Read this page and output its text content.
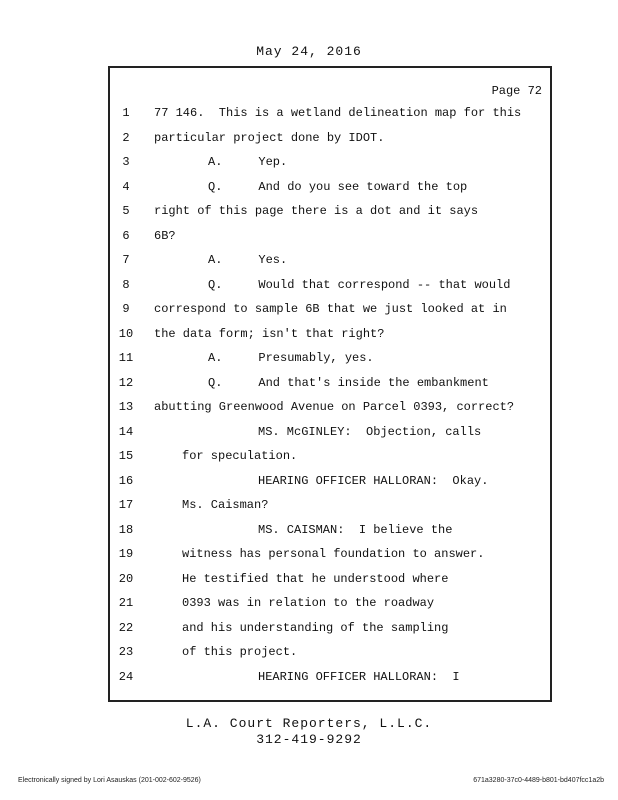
May 24, 2016
Page 72
1	77 146.  This is a wetland delineation map for this
2	particular project done by IDOT.
3	A.     Yep.
4	Q.     And do you see toward the top
5	right of this page there is a dot and it says
6	6B?
7	A.     Yes.
8	Q.     Would that correspond -- that would
9	correspond to sample 6B that we just looked at in
10	the data form; isn't that right?
11	A.     Presumably, yes.
12	Q.     And that's inside the embankment
13	abutting Greenwood Avenue on Parcel 0393, correct?
14	MS. McGINLEY:  Objection, calls
15	for speculation.
16	HEARING OFFICER HALLORAN:  Okay.
17	Ms. Caisman?
18	MS. CAISMAN:  I believe the
19	witness has personal foundation to answer.
20	He testified that he understood where
21	0393 was in relation to the roadway
22	and his understanding of the sampling
23	of this project.
24	HEARING OFFICER HALLORAN:  I
L.A. Court Reporters, L.L.C.
312-419-9292
Electronically signed by Lori Asauskas (201-002-602-9526)	671a3280-37c0-4489-b801-bd407fcc1a2b
